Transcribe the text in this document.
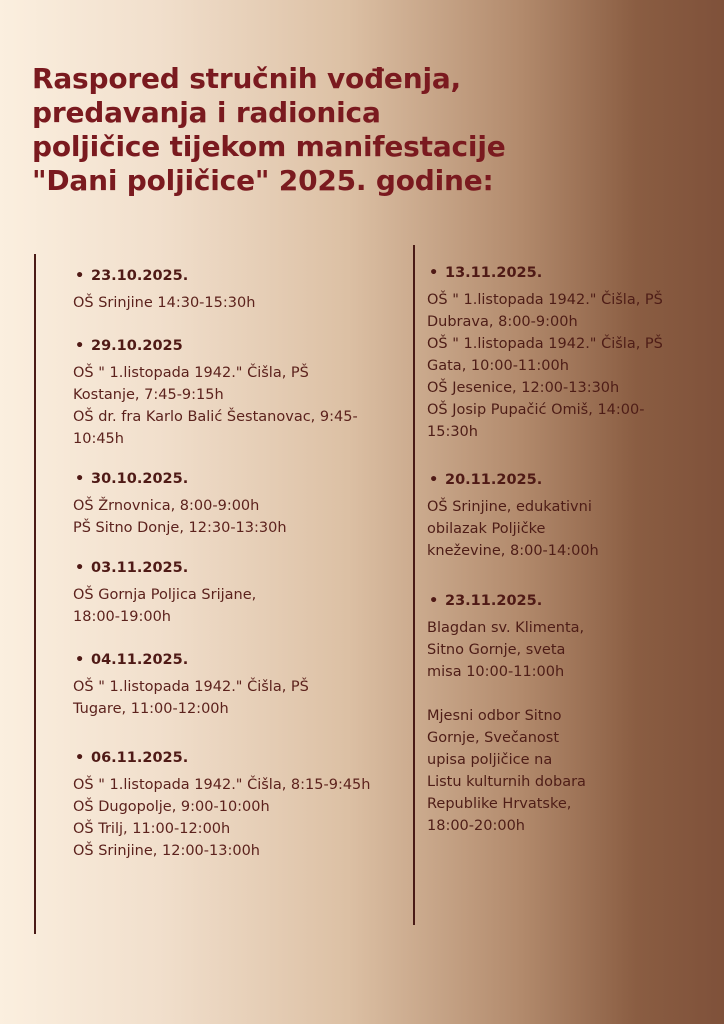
Raspored stručnih vođenja,
predavanja i radionica
poljičice tijekom manifestacije
"Dani poljičice" 2025. godine:
• 23.10.2025.
OŠ Srinjine 14:30-15:30h
• 29.10.2025
OŠ " 1.listopada 1942." Čišla, PŠ
Kostanje, 7:45-9:15h
OŠ dr. fra Karlo Balić Šestanovac, 9:45-
10:45h
• 30.10.2025.
OŠ Žrnovnica, 8:00-9:00h
PŠ Sitno Donje, 12:30-13:30h
• 03.11.2025.
OŠ Gornja Poljica Srijane,
18:00-19:00h
• 04.11.2025.
OŠ " 1.listopada 1942." Čišla, PŠ
Tugare, 11:00-12:00h
• 06.11.2025.
OŠ " 1.listopada 1942." Čišla, 8:15-9:45h
OŠ Dugopolje, 9:00-10:00h
OŠ Trilj, 11:00-12:00h
OŠ Srinjine, 12:00-13:00h
• 13.11.2025.
OŠ " 1.listopada 1942." Čišla, PŠ
Dubrava, 8:00-9:00h
OŠ " 1.listopada 1942." Čišla, PŠ
Gata, 10:00-11:00h
OŠ Jesenice, 12:00-13:30h
OŠ Josip Pupačić Omiš, 14:00-
15:30h
• 20.11.2025.
OŠ Srinjine, edukativni
obilazak Poljičke
kneževine, 8:00-14:00h
• 23.11.2025.
Blagdan sv. Klimenta,
Sitno Gornje, sveta
misa 10:00-11:00h
Mjesni odbor Sitno
Gornje, Svečanost
upisa poljičice na
Listu kulturnih dobara
Republike Hrvatske,
18:00-20:00h
